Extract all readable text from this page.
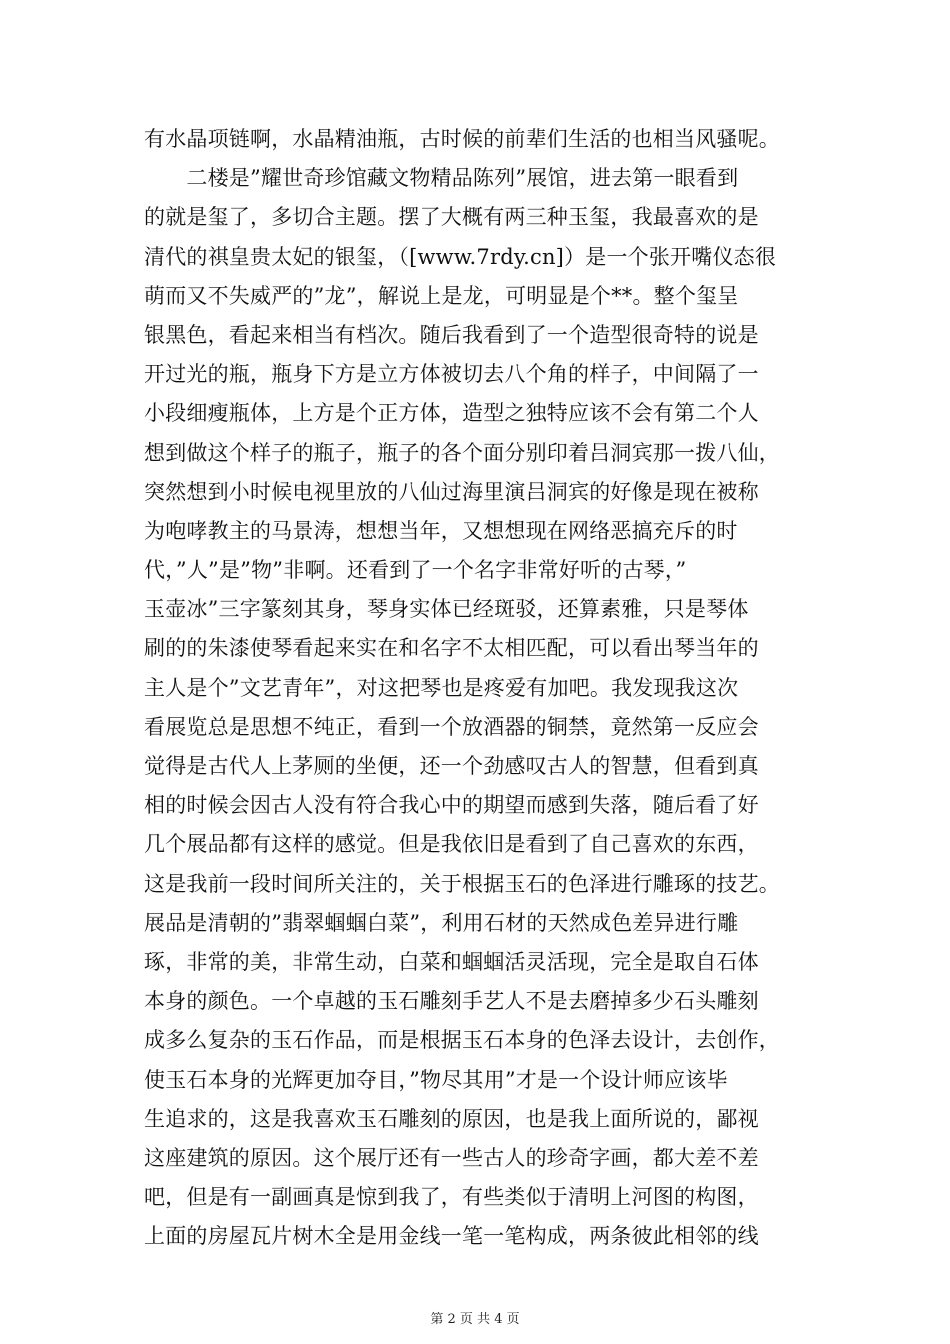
有水晶项链啊，水晶精油瓶，古时候的前辈们生活的也相当风骚呢。
　　二楼是”耀世奇珍馆藏文物精品陈列”展馆，进去第一眼看到
的就是玺了，多切合主题。摆了大概有两三种玉玺，我最喜欢的是
清代的祺皇贵太妃的银玺，（[www.7rdy.cn]）是一个张开嘴仪态很
萌而又不失威严的”龙”，解说上是龙，可明显是个**。整个玺呈
银黑色，看起来相当有档次。随后我看到了一个造型很奇特的说是
开过光的瓶，瓶身下方是立方体被切去八个角的样子，中间隔了一
小段细瘦瓶体，上方是个正方体，造型之独特应该不会有第二个人
想到做这个样子的瓶子，瓶子的各个面分别印着吕洞宾那一拨八仙，
突然想到小时候电视里放的八仙过海里演吕洞宾的好像是现在被称
为咆哮教主的马景涛，想想当年，又想想现在网络恶搞充斥的时
代，”人”是”物”非啊。还看到了一个名字非常好听的古琴，”
玉壶冰”三字篆刻其身，琴身实体已经斑驳，还算素雅，只是琴体
刷的的朱漆使琴看起来实在和名字不太相匹配，可以看出琴当年的
主人是个”文艺青年”，对这把琴也是疼爱有加吧。我发现我这次
看展览总是思想不纯正，看到一个放酒器的铜禁，竟然第一反应会
觉得是古代人上茅厕的坐便，还一个劲感叹古人的智慧，但看到真
相的时候会因古人没有符合我心中的期望而感到失落，随后看了好
几个展品都有这样的感觉。但是我依旧是看到了自己喜欢的东西，
这是我前一段时间所关注的，关于根据玉石的色泽进行雕琢的技艺。
展品是清朝的”翡翠蝈蝈白菜”，利用石材的天然成色差异进行雕
琢，非常的美，非常生动，白菜和蝈蝈活灵活现，完全是取自石体
本身的颜色。一个卓越的玉石雕刻手艺人不是去磨掉多少石头雕刻
成多么复杂的玉石作品，而是根据玉石本身的色泽去设计，去创作，
使玉石本身的光辉更加夺目，”物尽其用”才是一个设计师应该毕
生追求的，这是我喜欢玉石雕刻的原因，也是我上面所说的，鄙视
这座建筑的原因。这个展厅还有一些古人的珍奇字画，都大差不差
吧，但是有一副画真是惊到我了，有些类似于清明上河图的构图，
上面的房屋瓦片树木全是用金线一笔一笔构成，两条彼此相邻的线
第 2 页 共 4 页
